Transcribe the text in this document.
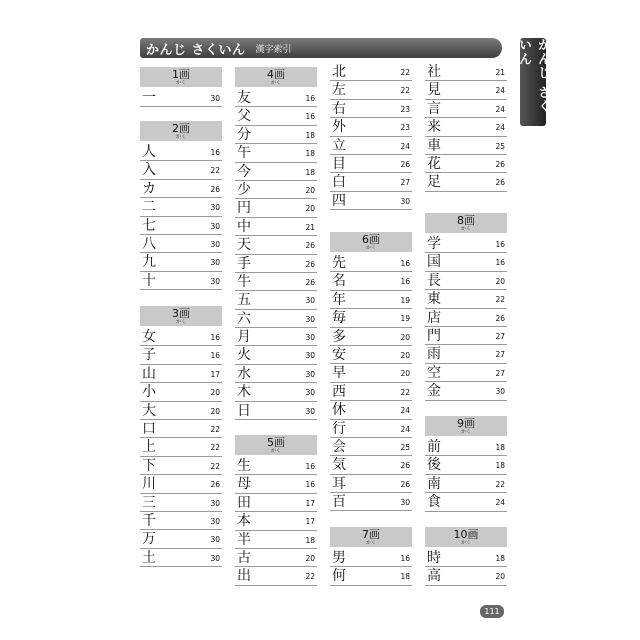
かんじ さくいん 漢字索引	かんじ さくいん
1画
かく
一	30
2画
かく
人	16
入	22
カ	26
二	30
七	30
八	30
九	30
十	30
3画
かく
女	16
子	16
山	17
小	20
大	20
口	22
上	22
下	22
川	26
三	30
千	30
万	30
土	30
4画
かく
友	16
父	16
分	18
午	18
今	18
少	20
円	20
中	21
天	26
手	26
牛	26
五	30
六	30
月	30
火	30
水	30
木	30
日	30
5画
かく
生	16
母	16
田	17
本	17
半	18
古	20
出	22
北	22
左	22
右	23
外	23
立	24
目	26
白	27
四	30
6画
かく
先	16
名	16
年	19
毎	19
多	20
安	20
早	20
西	22
休	24
行	24
会	25
気	26
耳	26
百	30
7画
かく
男	16
何	18
社	21
見	24
言	24
来	24
車	25
花	26
足	26
8画
かく
学	16
国	16
長	20
東	22
店	26
門	27
雨	27
空	27
金	30
9画
かく
前	18
後	18
南	22
食	24
10画
かく
時	18
高	20
111
